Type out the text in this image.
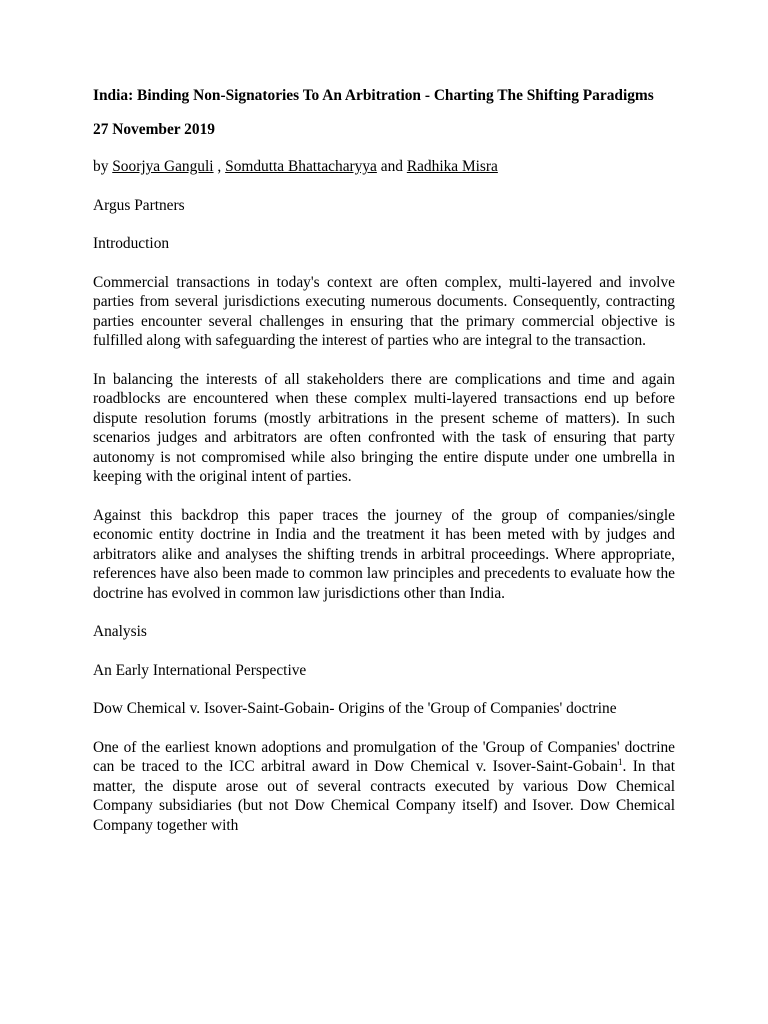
India: Binding Non-Signatories To An Arbitration - Charting The Shifting Paradigms
27 November 2019

by Soorjya Ganguli , Somdutta Bhattacharyya and Radhika Misra

Argus Partners

Introduction

Commercial transactions in today's context are often complex, multi-layered and involve parties from several jurisdictions executing numerous documents. Consequently, contracting parties encounter several challenges in ensuring that the primary commercial objective is fulfilled along with safeguarding the interest of parties who are integral to the transaction.

In balancing the interests of all stakeholders there are complications and time and again roadblocks are encountered when these complex multi-layered transactions end up before dispute resolution forums (mostly arbitrations in the present scheme of matters). In such scenarios judges and arbitrators are often confronted with the task of ensuring that party autonomy is not compromised while also bringing the entire dispute under one umbrella in keeping with the original intent of parties.

Against this backdrop this paper traces the journey of the group of companies/single economic entity doctrine in India and the treatment it has been meted with by judges and arbitrators alike and analyses the shifting trends in arbitral proceedings. Where appropriate, references have also been made to common law principles and precedents to evaluate how the doctrine has evolved in common law jurisdictions other than India.

Analysis

An Early International Perspective

Dow Chemical v. Isover-Saint-Gobain- Origins of the 'Group of Companies' doctrine

One of the earliest known adoptions and promulgation of the 'Group of Companies' doctrine can be traced to the ICC arbitral award in Dow Chemical v. Isover-Saint-Gobain$^1$. In that matter, the dispute arose out of several contracts executed by various Dow Chemical Company subsidiaries (but not Dow Chemical Company itself) and Isover. Dow Chemical Company together with
